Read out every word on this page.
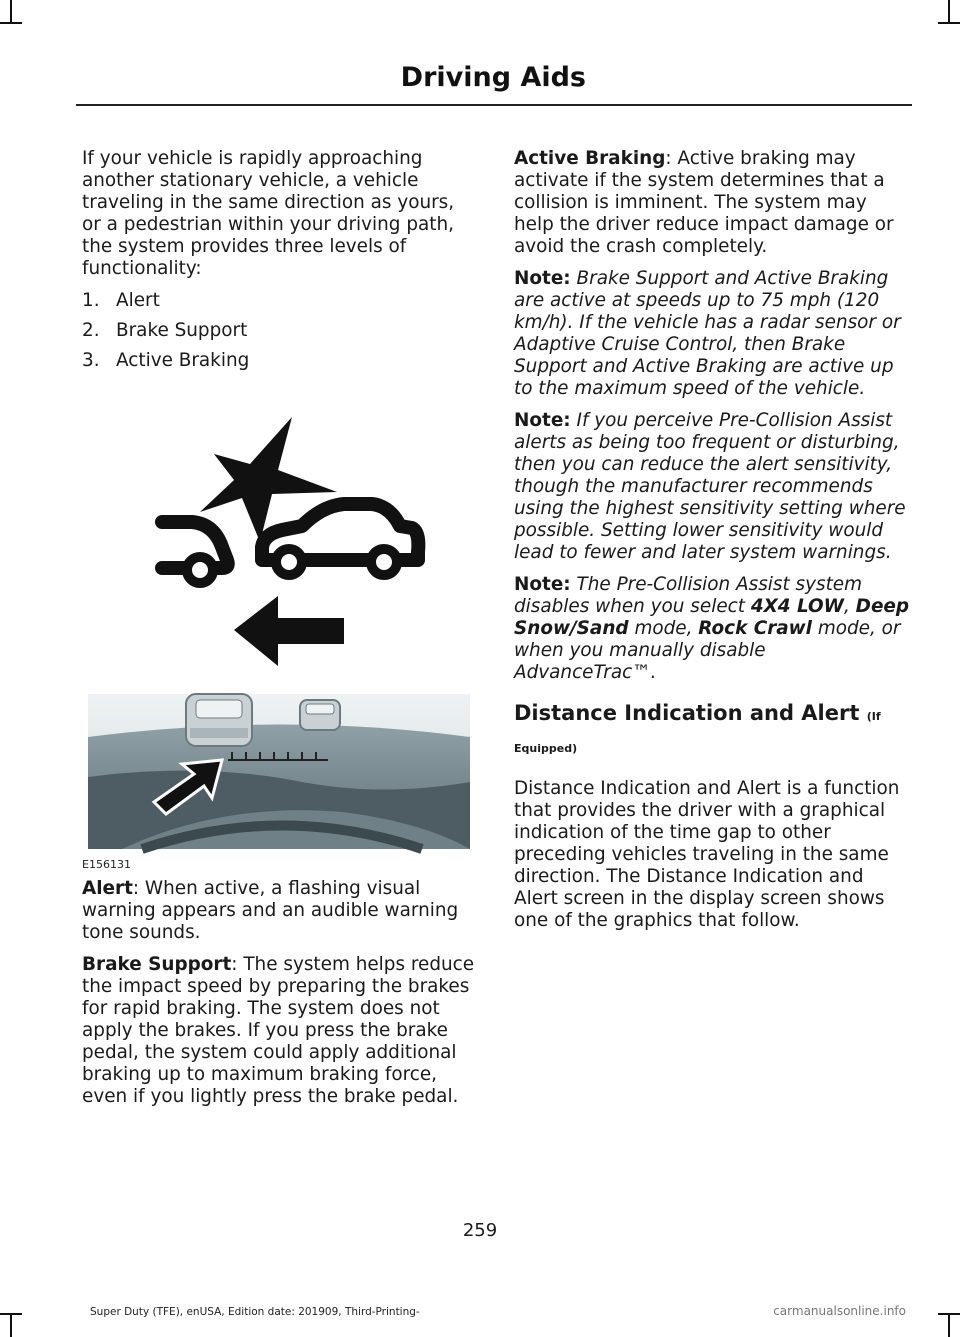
Driving Aids

If your vehicle is rapidly approaching another stationary vehicle, a vehicle traveling in the same direction as yours, or a pedestrian within your driving path, the system provides three levels of functionality:

1. Alert
2. Brake Support
3. Active Braking
E156131

Alert: When active, a flashing visual warning appears and an audible warning tone sounds.

Brake Support: The system helps reduce the impact speed by preparing the brakes for rapid braking. The system does not apply the brakes. If you press the brake pedal, the system could apply additional braking up to maximum braking force, even if you lightly press the brake pedal.

Active Braking: Active braking may activate if the system determines that a collision is imminent. The system may help the driver reduce impact damage or avoid the crash completely.

Note: Brake Support and Active Braking are active at speeds up to 75 mph (120 km/h). If the vehicle has a radar sensor or Adaptive Cruise Control, then Brake Support and Active Braking are active up to the maximum speed of the vehicle.

Note: If you perceive Pre-Collision Assist alerts as being too frequent or disturbing, then you can reduce the alert sensitivity, though the manufacturer recommends using the highest sensitivity setting where possible. Setting lower sensitivity would lead to fewer and later system warnings.

Note: The Pre-Collision Assist system disables when you select 4X4 LOW, Deep Snow/Sand mode, Rock Crawl mode, or when you manually disable AdvanceTrac™.

Distance Indication and Alert (If
Equipped)

Distance Indication and Alert is a function that provides the driver with a graphical indication of the time gap to other preceding vehicles traveling in the same direction. The Distance Indication and Alert screen in the display screen shows one of the graphics that follow.

259
Super Duty (TFE), enUSA, Edition date: 201909, Third-Printing-	carmanualsonline.info
